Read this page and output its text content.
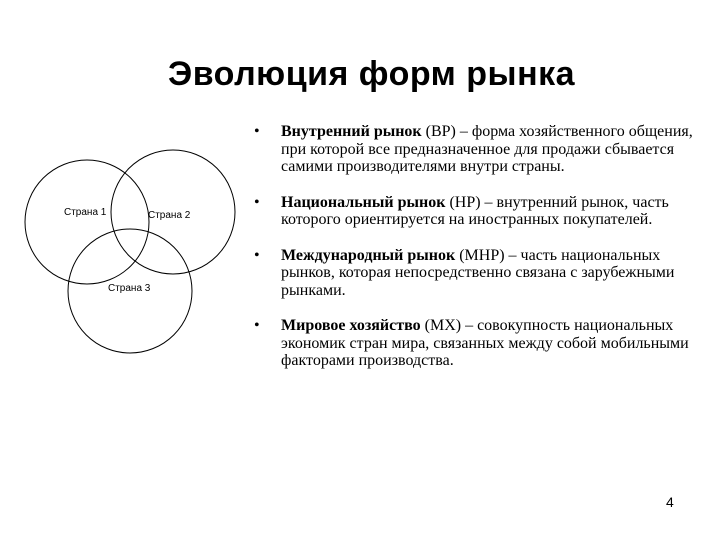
Эволюция форм рынка
Страна 1	Страна 2
Страна 3
• Внутренний рынок (ВР) – форма хозяйственного общения, при которой все предназначенное для продажи сбывается самими производителями внутри страны.
• Национальный рынок (НР) – внутренний рынок, часть которого ориентируется на иностранных покупателей.
• Международный рынок (МНР) – часть национальных рынков, которая непосредственно связана с зарубежными рынками.
• Мировое хозяйство (МХ) – совокупность национальных экономик стран мира, связанных между собой мобильными факторами производства.
4
